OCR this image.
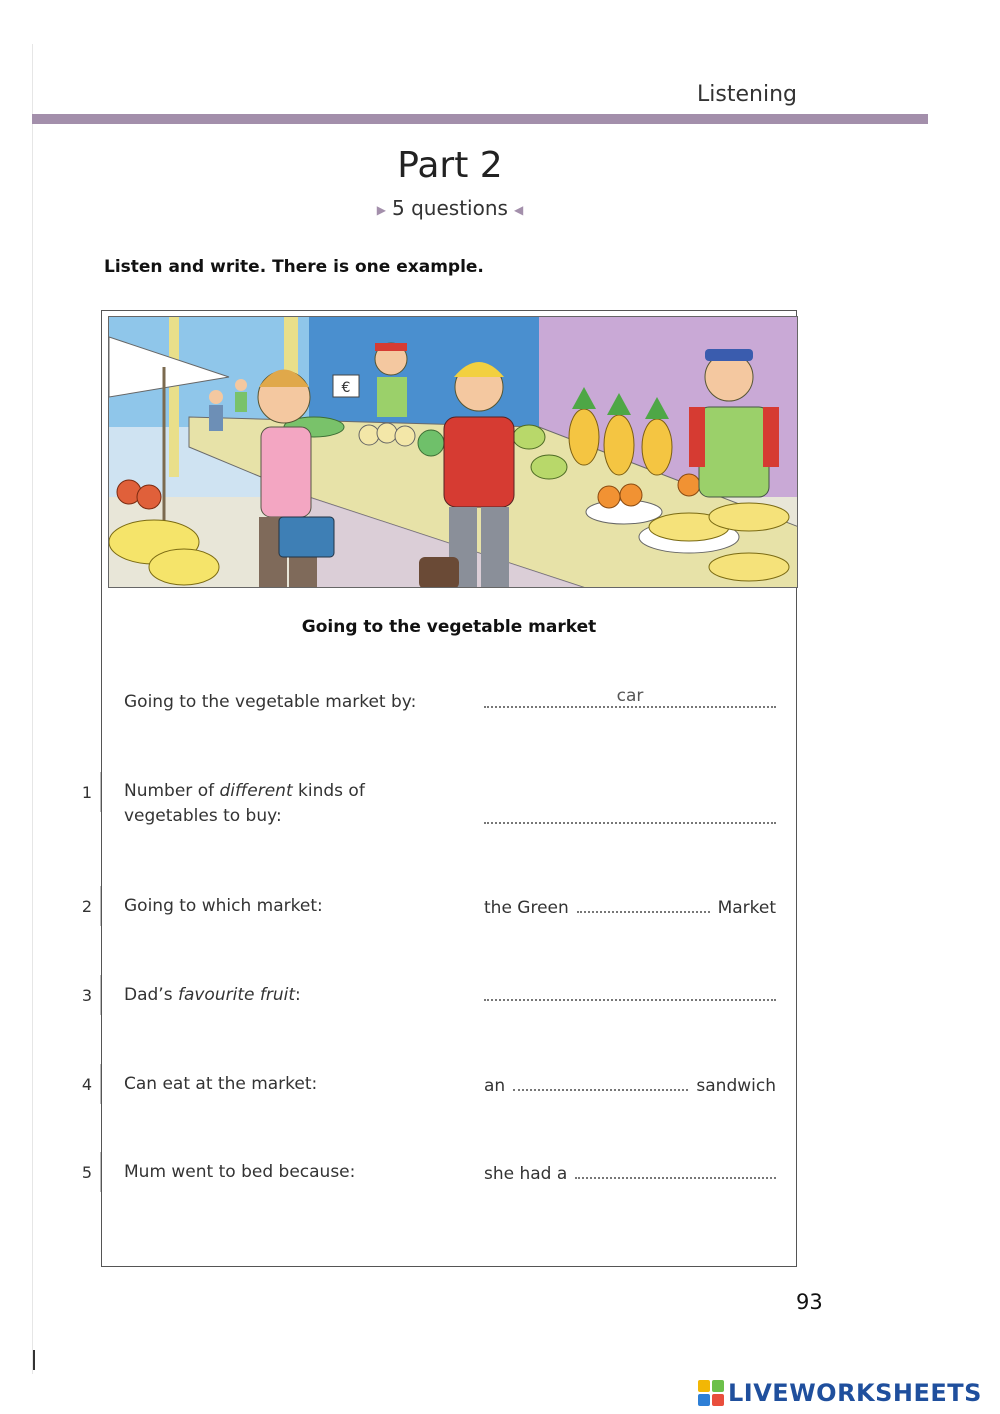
Listening
Part 2
▶ 5 questions ◀
Listen and write. There is one example.
€
Going to the vegetable market
Going to the vegetable market by:	car
1 Number of different kinds of
vegetables to buy:
2 Going to which market:	the Green	Market
3 Dad’s favourite fruit:
4 Can eat at the market:	an	sandwich
5 Mum went to bed because:	she had a
93
LIVEWORKSHEETS
